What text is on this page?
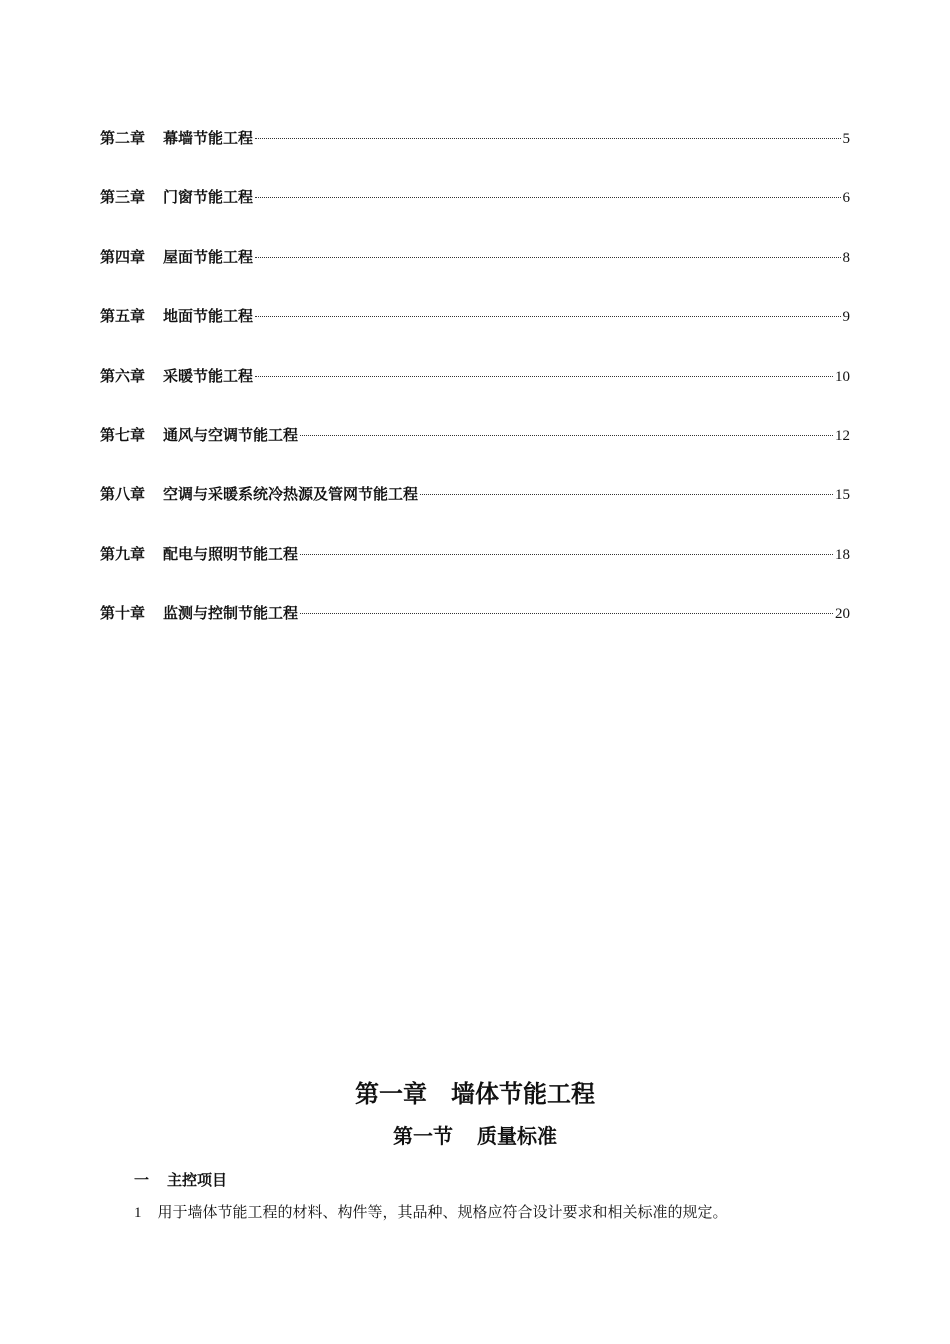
第二章 幕墙节能工程	5
第三章 门窗节能工程	6
第四章 屋面节能工程	8
第五章 地面节能工程	9
第六章 采暖节能工程	10
第七章 通风与空调节能工程	12
第八章 空调与采暖系统冷热源及管网节能工程	15
第九章 配电与照明节能工程	18
第十章 监测与控制节能工程	20
第一章 墙体节能工程
第一节 质量标准
一 主控项目
1 用于墙体节能工程的材料、构件等，其品种、规格应符合设计要求和相关标准的规定。
